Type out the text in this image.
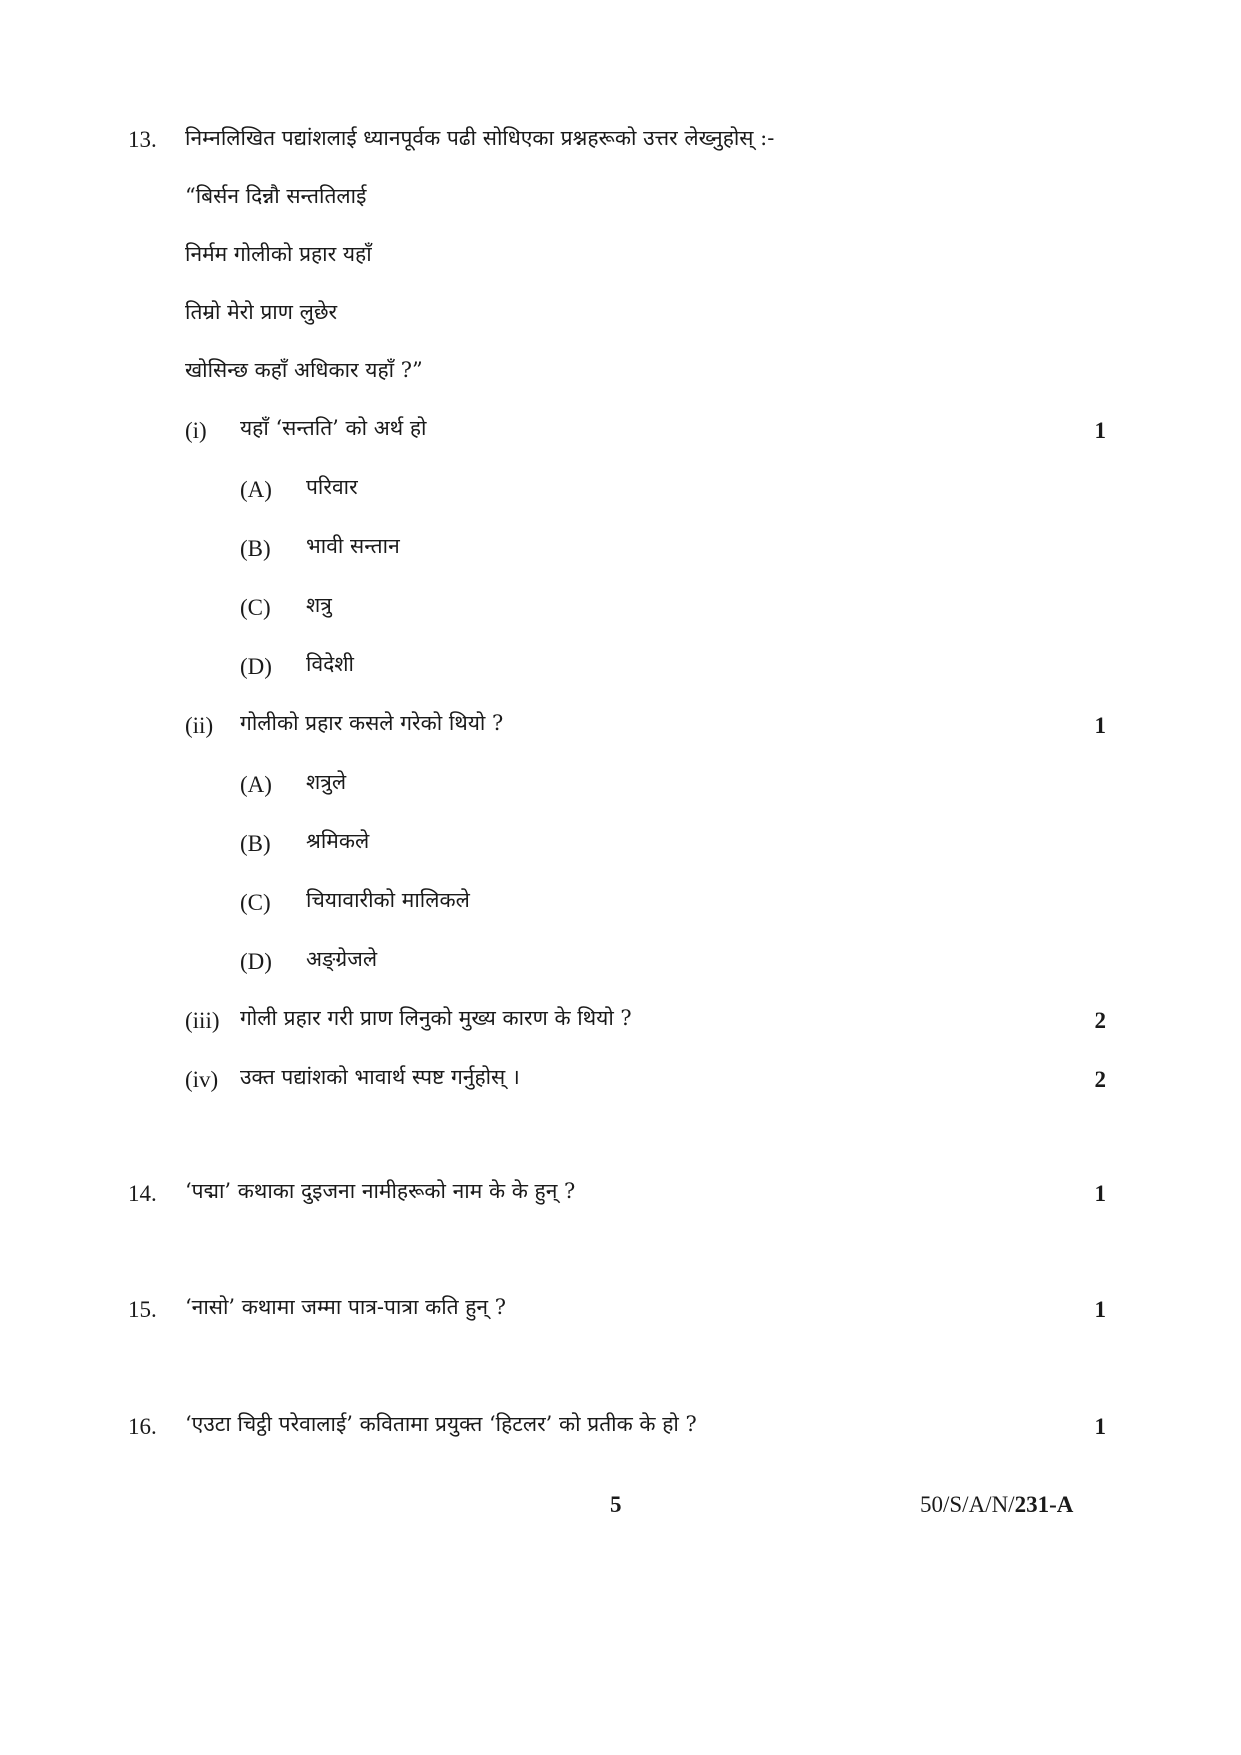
13. निम्नलिखित पद्यांशलाई ध्यानपूर्वक पढी सोधिएका प्रश्नहरूको उत्तर लेख्नुहोस् :-
“बिर्सन दिन्नौ सन्ततिलाई
निर्मम गोलीको प्रहार यहाँ
तिम्रो मेरो प्राण लुछेर
खोसिन्छ कहाँ अधिकार यहाँ ?”
(i) यहाँ ‘सन्तति’ को अर्थ हो	1
(A) परिवार
(B) भावी सन्तान
(C) शत्रु
(D) विदेशी
(ii) गोलीको प्रहार कसले गरेको थियो ?	1
(A) शत्रुले
(B) श्रमिकले
(C) चियावारीको मालिकले
(D) अङ्ग्रेजले
(iii) गोली प्रहार गरी प्राण लिनुको मुख्य कारण के थियो ?	2
(iv) उक्त पद्यांशको भावार्थ स्पष्ट गर्नुहोस् ।	2
14. ‘पद्मा’ कथाका दुइजना नामीहरूको नाम के के हुन् ?	1
15. ‘नासो’ कथामा जम्मा पात्र-पात्रा कति हुन् ?	1
16. ‘एउटा चिट्ठी परेवालाई’ कवितामा प्रयुक्त ‘हिटलर’ को प्रतीक के हो ?	1
5	50/S/A/N/231-A
